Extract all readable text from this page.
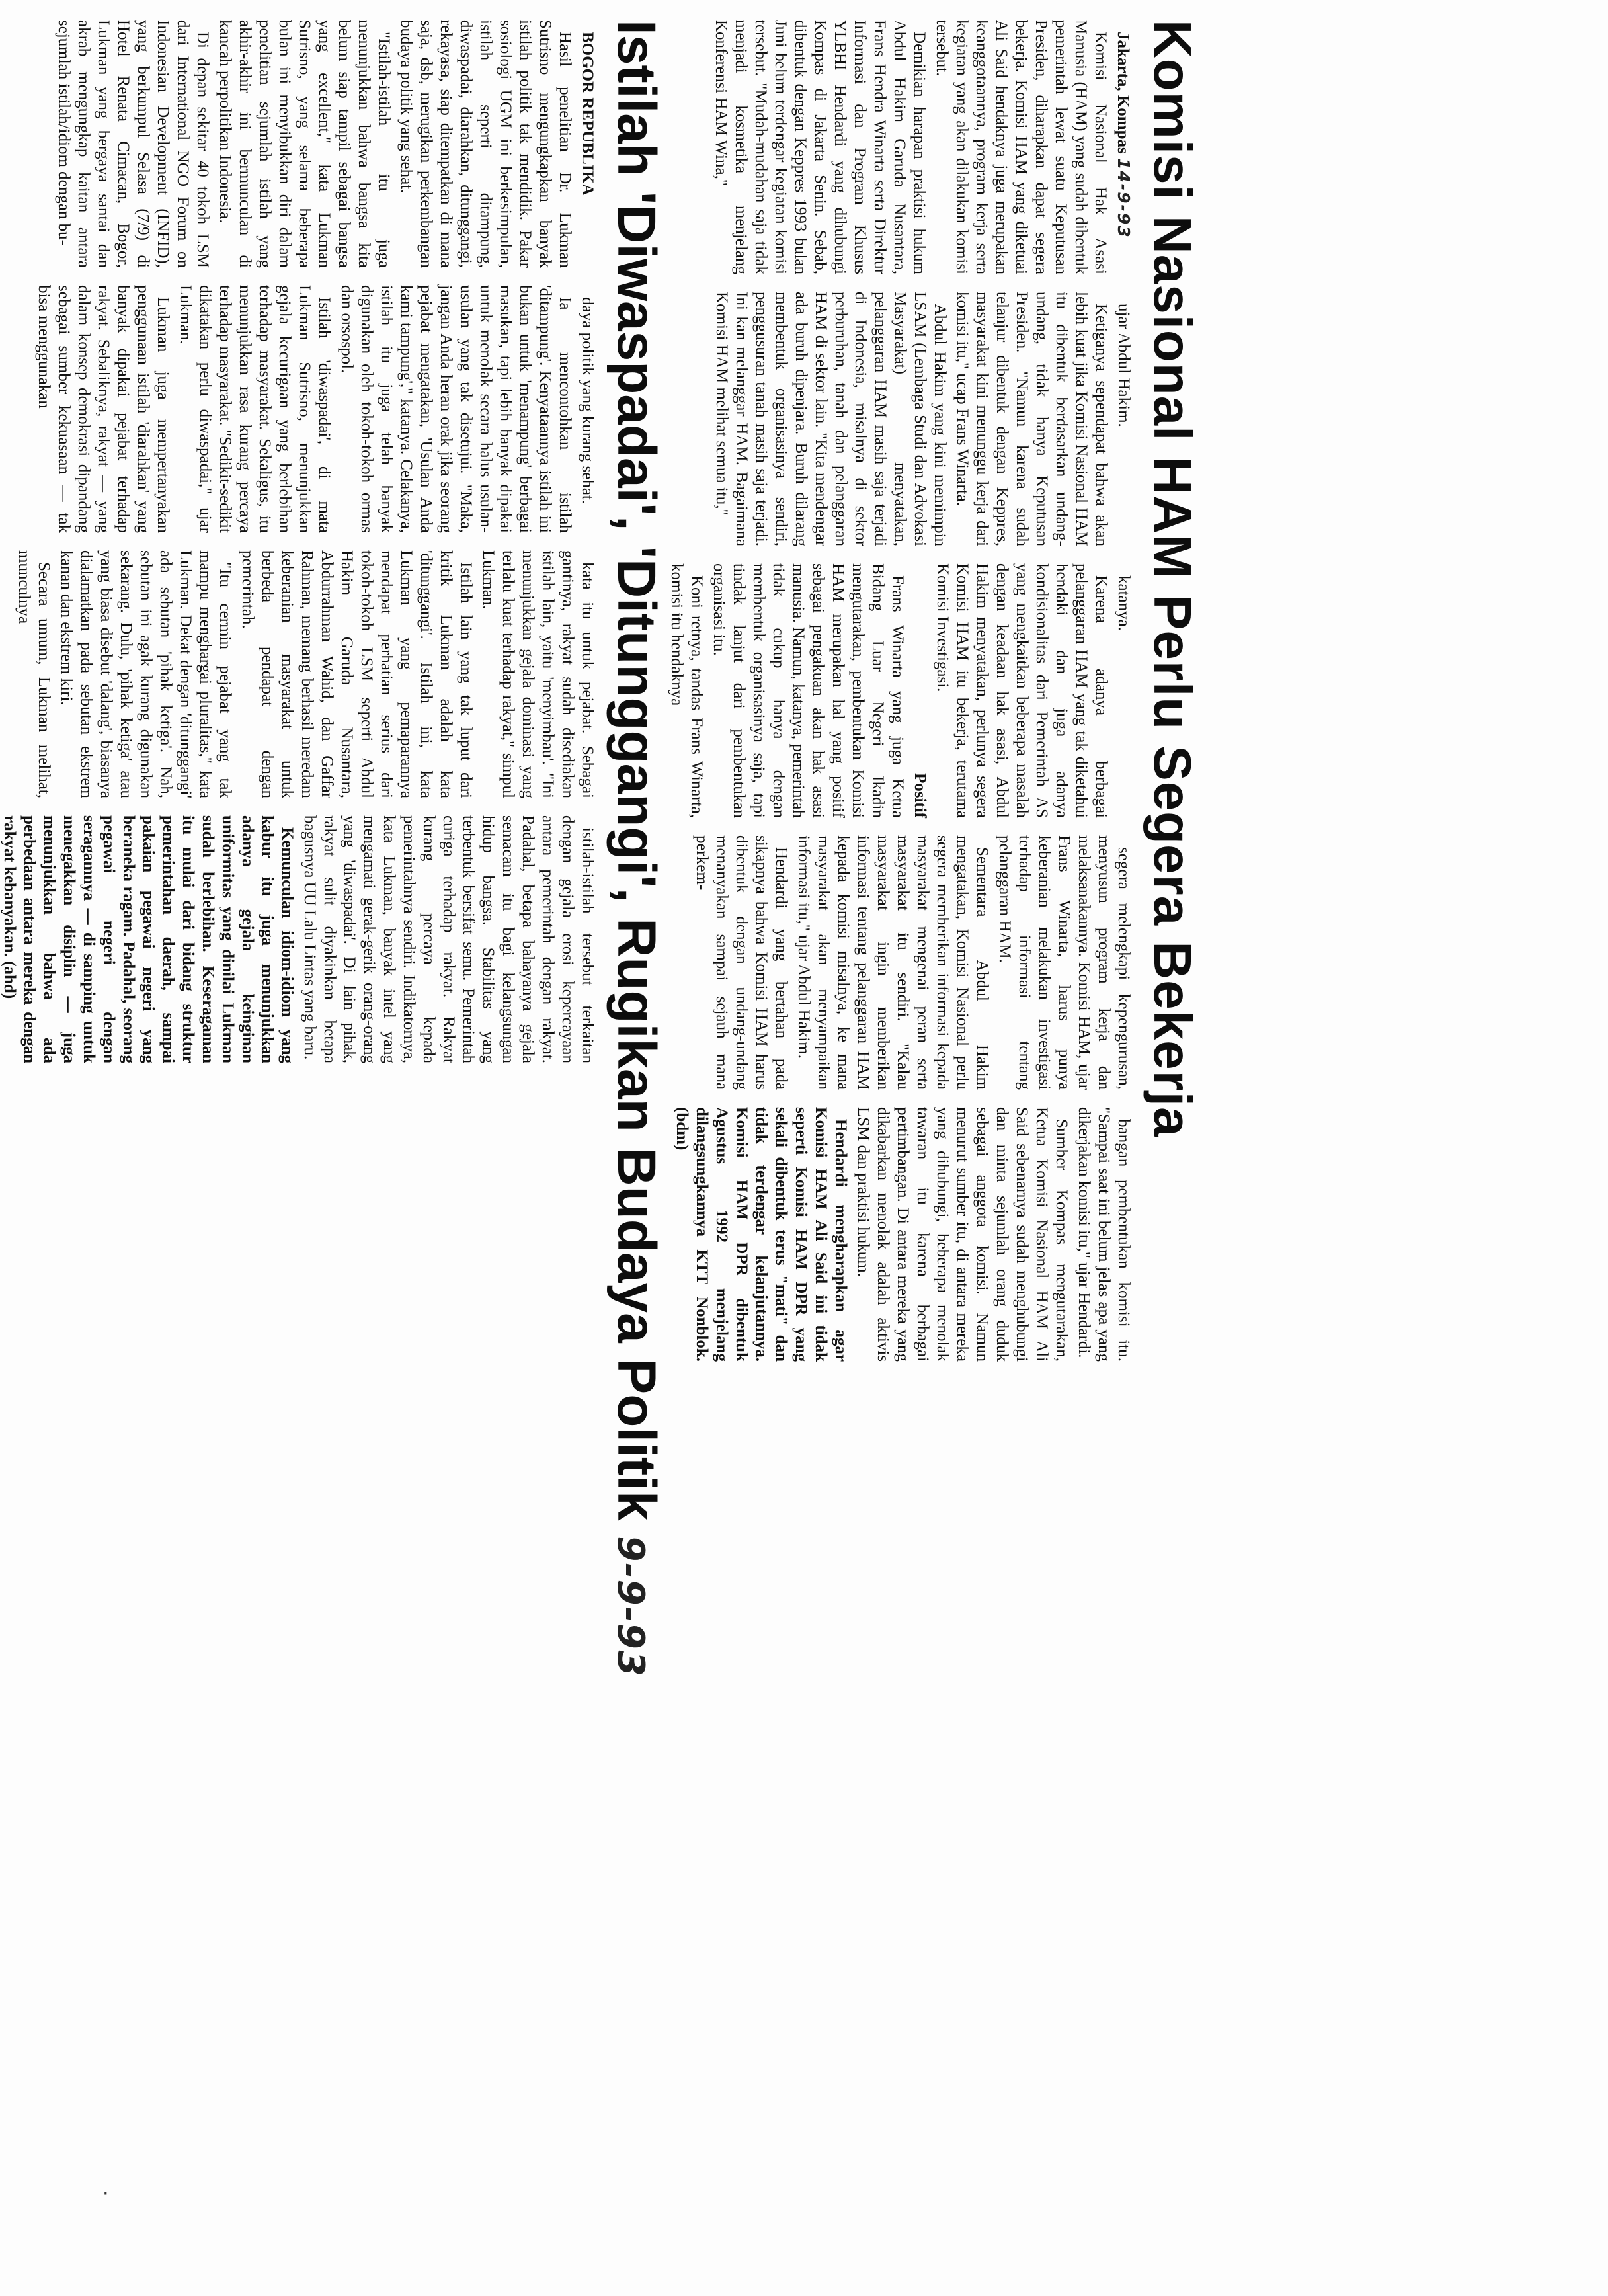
Komisi Nasional HAM Perlu Segera Bekerja

Jakarta, Kompas 14-9-93

Komisi Nasional Hak Asasi Manusia (HAM) yang sudah dibentuk pemerintah lewat suatu Keputusan Presiden, diharapkan dapat segera bekerja. Komisi HAM yang diketuai Ali Said hendaknya juga merupakan keanggotaannya, program kerja serta kegiatan yang akan dilakukan komisi tersebut.

Demikian harapan praktisi hukum Abdul Hakim Garuda Nusantara, Frans Hendra Winarta serta Direktur Informasi dan Program Khusus YLBHI Hendardi yang dihubungi Kompas di Jakarta Senin. Sebab, dibentuk dengan Keppres 1993 bulan Juni belum terdengar kegiatan komisi tersebut. "Mudah-mudahan saja tidak menjadi kosmetika menjelang Konferensi HAM Wina,"

ujar Abdul Hakim.

Ketiganya sependapat bahwa akan lebih kuat jika Komisi Nasional HAM itu dibentuk berdasarkan undang-undang, tidak hanya Keputusan Presiden. "Namun karena sudah telanjur dibentuk dengan Keppres, masyarakat kini menunggu kerja dari komisi itu," ucap Frans Winarta.

Abdul Hakim yang kini memimpin LSAM (Lembaga Studi dan Advokasi Masyarakat) menyatakan, pelanggaran HAM masih saja terjadi di Indonesia, misalnya di sektor perburuhan, tanah dan pelanggaran HAM di sektor lain. "Kita mendengar ada buruh dipenjara. Buruh dilarang membentuk organisasinya sendiri, penggusuran tanah masih saja terjadi. Ini kan melanggar HAM. Bagaimana Komisi HAM melihat semua itu,"

katanya.

Karena adanya berbagai pelanggaran HAM yang tak diketahui hendaki dan juga adanya kondisionalitas dari Pemerintah AS yang mengkaitkan beberapa masalah dengan keadaan hak asasi, Abdul Hakim menyatakan, perlunya segera Komisi HAM itu bekerja, terutama Komisi Investigasi.

Positif

Frans Winarta yang juga Ketua Bidang Luar Negeri Ikadin mengutarakan, pembentukan Komisi HAM merupakan hal yang positif sebagai pengakuan akan hak asasi manusia. Namun, katanya, pemerintah tidak cukup hanya dengan membentuk organisasinya saja, tapi tindak lanjut dari pembentukan organisasi itu.

Koni retnya, tandas Frans Winarta, komisi itu hendaknya

segera melengkapi kepengurusan, menyusun program kerja dan melaksanakannya. Komisi HAM, ujar Frans Winarta, harus punya keberanian melakukan investigasi terhadap informasi tentang pelanggaran HAM.

Sementara Abdul Hakim mengatakan, Komisi Nasional perlu segera memberikan informasi kepada masyarakat mengenai peran serta masyarakat itu sendiri. "Kalau masyarakat ingin memberikan informasi tentang pelanggaran HAM kepada komisi misalnya, ke mana masyarakat akan menyampaikan informasi itu," ujar Abdul Hakim.

Hendardi yang bertahan pada sikapnya bahwa Komisi HAM harus dibentuk dengan undang-undang menanyakan sampai sejauh mana perkem-

bangan pembentukan komisi itu. "Sampai saat ini belum jelas apa yang dikerjakan komisi itu," ujar Hendardi.

Sumber Kompas mengutarakan, Ketua Komisi Nasional HAM Ali Said sebenarnya sudah menghubungi dan minta sejumlah orang duduk sebagai anggota komisi. Namun menurut sumber itu, di antara mereka yang dihubungi, beberapa menolak tawaran itu karena berbagai pertimbangan. Di antara mereka yang dikabarkan menolak adalah aktivis LSM dan praktisi hukum.

Hendardi mengharapkan agar Komisi HAM Ali Said ini tidak seperti Komisi HAM DPR yang sekali dibentuk terus "mati" dan tidak terdengar kelanjutannya. Komisi HAM DPR dibentuk Agustus 1992 menjelang dilangsungkannya KTT Nonblok. (bdm)

Istilah 'Diwaspadai', 'Ditunggangi', Rugikan Budaya Politik 9-9-93

BOGOR REPUBLIKA

Hasil penelitian Dr. Lukman Sutrisno mengungkapkan banyak istilah politik tak mendidik. Pakar sosiologi UGM ini berkesimpulan, istilah seperti ditampung, diwaspadai, diarahkan, ditunggangi, rekayasa, siap ditempatkan di mana saja, dsb, merugikan perkembangan budaya politik yang sehat.

"Istilah-istilah itu juga menunjukkan bahwa bangsa kita belum siap tampil sebagai bangsa yang excellent," kata Lukman Sutrisno, yang selama beberapa bulan ini menyibukkan diri dalam penelitian sejumlah istilah yang akhir-akhir ini bermunculan di kancah perpolitikan Indonesia.

Di depan sekitar 40 tokoh LSM dari International NGO Forum on Indonesian Development (INFID), yang berkumpul Selasa (7/9) di Hotel Renata Cimacan, Bogor, Lukman yang bergaya santai dan akrab mengungkap kaitan antara sejumlah istilah/idiom dengan bu-

daya politik yang kurang sehat.

Ia mencontohkan istilah 'ditampung'. Kenyataannya istilah ini bukan untuk 'menampung' berbagai masukan, tapi lebih banyak dipakai untuk menolak secara halus usulan-usulan yang tak disetujui. "Maka, jangan Anda heran orak jika seorang pejabat mengatakan, 'Usulan Anda kami tampung'," katanya. Celakanya, istilah itu juga telah banyak digunakan oleh tokoh-tokoh ormas dan orsospol.

Istilah 'diwaspadai', di mata Lukman Sutrisno, menunjukkan gejala kecurigaan yang berlebihan terhadap masyarakat. Sekaligus, itu menunjukkan rasa kurang percaya terhadap masyarakat. "Sedikit-sedikit dikatakan perlu diwaspadai," ujar Lukman.

Lukman juga mempertanyakan penggunaan istilah 'diarahkan' yang banyak dipakai pejabat terhadap rakyat. Sebaliknya, rakyat — yang dalam konsep demokrasi dipandang sebagai sumber kekuasaan — tak bisa menggunakan

kata itu untuk pejabat. Sebagai gantinya, rakyat sudah disediakan istilah lain, yaitu 'menyimbau'. "Ini menunjukkan gejala dominasi yang terlalu kuat terhadap rakyat," simpul Lukman.

Istilah lain yang tak luput dari kritik Lukman adalah kata 'ditunggangi'. Istilah ini, kata Lukman yang pemaparannya mendapat perhatian serius dari tokoh-tokoh LSM seperti Abdul Hakim Garuda Nusantara, Abdurrahman Wahid, dan Gaffar Rahman, memang berhasil meredam keberanian masyarakat untuk berbeda pendapat dengan pemerintah.

"Itu cermin pejabat yang tak mampu menghargai pluralitas," kata Lukman. Dekat dengan 'ditunggangi' ada sebutan 'pihak ketiga'. Nah, sebutan ini agak kurang digunakan sekarang. Dulu, 'pihak ketiga' atau yang biasa disebut 'dalang', biasanya dialamatkan pada sebutan ekstrem kanan dan ekstrem kiri.

Secara umum, Lukman melihat, munculnya

istilah-istilah tersebut terkaitan dengan gejala erosi kepercayaan antara pemerintah dengan rakyat. Padahal, betapa bahayanya gejala semacam itu bagi kelangsungan hidup bangsa. Stabilitas yang terbentuk bersifat semu. Pemerintah curiga terhadap rakyat. Rakyat kurang percaya kepada pemerintahnya sendiri. Indikatornya, kata Lukman, banyak intel yang mengamati gerak-gerik orang-orang yang 'diwaspadai'. Di lain pihak, rakyat sulit diyakinkan betapa bagusnya UU Lalu Lintas yang baru.

Kemunculan idiom-idiom yang kabur itu juga menunjukkan adanya gejala keinginan uniformitas yang dinilai Lukman sudah berlebihan. Keseragaman itu mulai dari bidang struktur pemerintahan daerah, sampai pakaian pegawai negeri yang beraneka ragam. Padahal, seorang pegawai negeri dengan seragamnya — di samping untuk menegakkan disiplin — juga menunjukkan bahwa ada perbedaan antara mereka dengan rakyat kebanyakan. (ahd)

·
